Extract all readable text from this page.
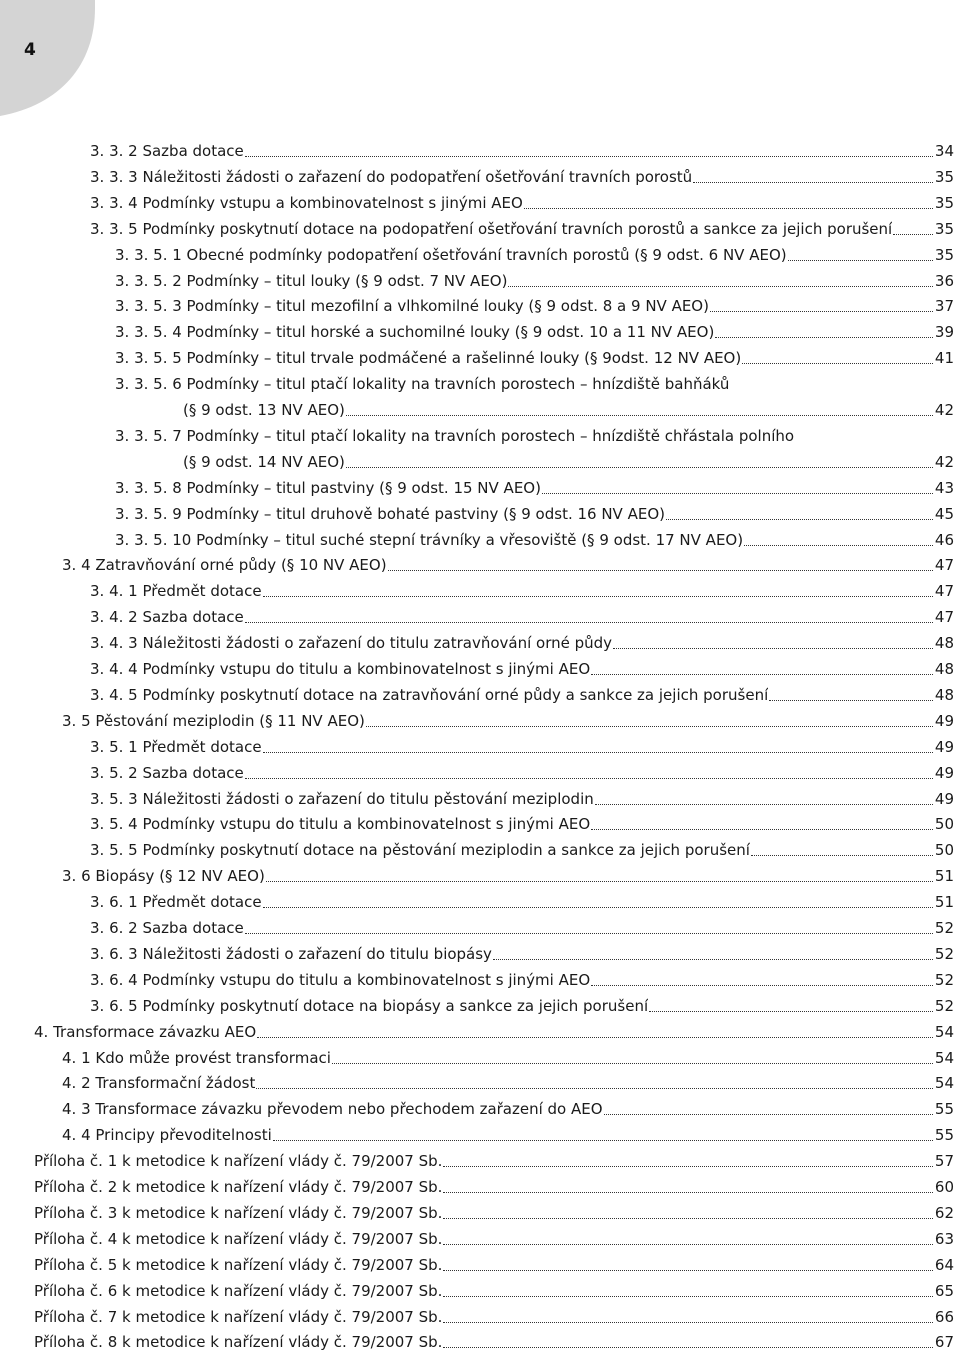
4
3. 3. 2 Sazba dotace	34
3. 3. 3 Náležitosti žádosti o zařazení do podopatření ošetřování travních porostů	35
3. 3. 4 Podmínky vstupu a kombinovatelnost s jinými AEO	35
3. 3. 5 Podmínky poskytnutí dotace na podopatření ošetřování travních porostů a sankce za jejich porušení	35
3. 3. 5. 1 Obecné podmínky podopatření ošetřování travních porostů (§ 9 odst. 6 NV AEO)	35
3. 3. 5. 2 Podmínky – titul louky (§ 9 odst. 7 NV AEO)	36
3. 3. 5. 3 Podmínky – titul mezofilní a vlhkomilné louky (§ 9 odst. 8 a 9 NV AEO)	37
3. 3. 5. 4 Podmínky – titul horské a suchomilné louky (§ 9 odst. 10 a 11 NV AEO)	39
3. 3. 5. 5 Podmínky – titul trvale podmáčené a rašelinné louky (§ 9odst. 12 NV AEO)	41
3. 3. 5. 6 Podmínky – titul ptačí lokality na travních porostech – hnízdiště bahňáků
(§ 9 odst. 13 NV AEO)	42
3. 3. 5. 7 Podmínky – titul ptačí lokality na travních porostech – hnízdiště chřástala polního
(§ 9 odst. 14 NV AEO)	42
3. 3. 5. 8 Podmínky – titul pastviny (§ 9 odst. 15 NV AEO)	43
3. 3. 5. 9 Podmínky – titul druhově bohaté pastviny (§ 9 odst. 16 NV AEO)	45
3. 3. 5. 10 Podmínky – titul suché stepní trávníky a vřesoviště (§ 9 odst. 17 NV AEO)	46
3. 4 Zatravňování orné půdy (§ 10 NV AEO)	47
3. 4. 1 Předmět dotace	47
3. 4. 2 Sazba dotace	47
3. 4. 3 Náležitosti žádosti o zařazení do titulu zatravňování orné půdy	48
3. 4. 4 Podmínky vstupu do titulu a kombinovatelnost s jinými AEO	48
3. 4. 5 Podmínky poskytnutí dotace na zatravňování orné půdy a sankce za jejich porušení	48
3. 5 Pěstování meziplodin (§ 11 NV AEO)	49
3. 5. 1 Předmět dotace	49
3. 5. 2 Sazba dotace	49
3. 5. 3 Náležitosti žádosti o zařazení do titulu pěstování meziplodin	49
3. 5. 4 Podmínky vstupu do titulu a kombinovatelnost s jinými AEO	50
3. 5. 5 Podmínky poskytnutí dotace na pěstování meziplodin a sankce za jejich porušení	50
3. 6 Biopásy (§ 12 NV AEO)	51
3. 6. 1 Předmět dotace	51
3. 6. 2 Sazba dotace	52
3. 6. 3 Náležitosti žádosti o zařazení do titulu biopásy	52
3. 6. 4 Podmínky vstupu do titulu a kombinovatelnost s jinými AEO	52
3. 6. 5 Podmínky poskytnutí dotace na biopásy a sankce za jejich porušení	52
4. Transformace závazku AEO	54
4. 1 Kdo může provést transformaci	54
4. 2 Transformační žádost	54
4. 3 Transformace závazku převodem nebo přechodem zařazení do AEO	55
4. 4 Principy převoditelnosti	55
Příloha č. 1 k metodice k nařízení vlády č. 79/2007 Sb.	57
Příloha č. 2 k metodice k nařízení vlády č. 79/2007 Sb.	60
Příloha č. 3 k metodice k nařízení vlády č. 79/2007 Sb.	62
Příloha č. 4 k metodice k nařízení vlády č. 79/2007 Sb.	63
Příloha č. 5 k metodice k nařízení vlády č. 79/2007 Sb.	64
Příloha č. 6 k metodice k nařízení vlády č. 79/2007 Sb.	65
Příloha č. 7 k metodice k nařízení vlády č. 79/2007 Sb.	66
Příloha č. 8 k metodice k nařízení vlády č. 79/2007 Sb.	67
